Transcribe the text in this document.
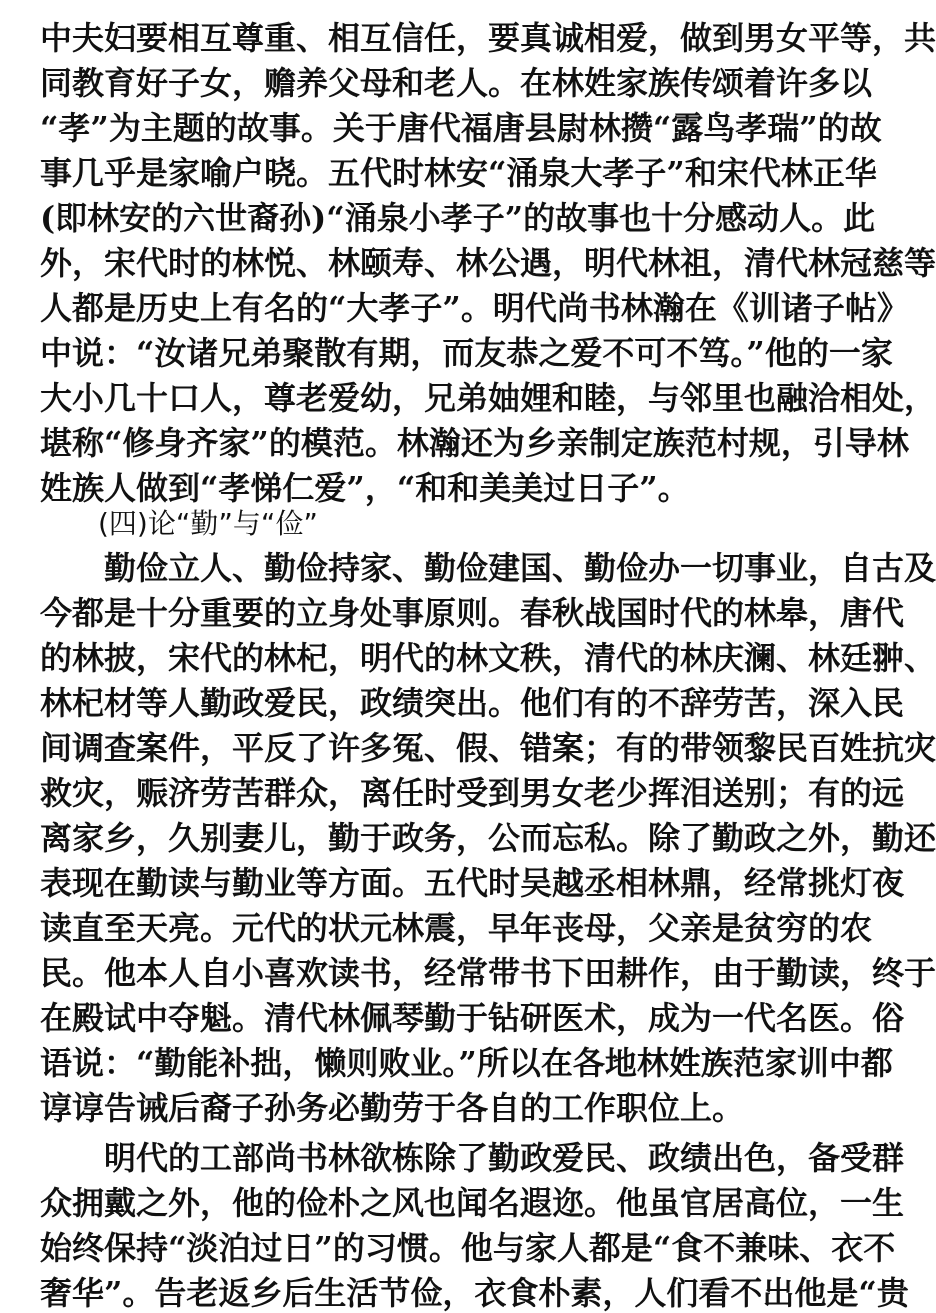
中夫妇要相互尊重、相互信任，要真诚相爱，做到男女平等，共
同教育好子女，赡养父母和老人。在林姓家族传颂着许多以
“孝”为主题的故事。关于唐代福唐县尉林攒“露鸟孝瑞”的故
事几乎是家喻户晓。五代时林安“涌泉大孝子”和宋代林正华
(即林安的六世裔孙)“涌泉小孝子”的故事也十分感动人。此
外，宋代时的林悦、林颐寿、林公遇，明代林祖，清代林冠慈等
人都是历史上有名的“大孝子”。明代尚书林瀚在《训诸子帖》
中说：“汝诸兄弟聚散有期，而友恭之爱不可不笃。”他的一家
大小几十口人，尊老爱幼，兄弟妯娌和睦，与邻里也融洽相处，
堪称“修身齐家”的模范。林瀚还为乡亲制定族范村规，引导林
姓族人做到“孝悌仁爱”，“和和美美过日子”。
(四)论“勤”与“俭”
勤俭立人、勤俭持家、勤俭建国、勤俭办一切事业，自古及
今都是十分重要的立身处事原则。春秋战国时代的林皋，唐代
的林披，宋代的林杞，明代的林文秩，清代的林庆澜、林廷翀、
林杞材等人勤政爱民，政绩突出。他们有的不辞劳苦，深入民
间调查案件，平反了许多冤、假、错案；有的带领黎民百姓抗灾
救灾，赈济劳苦群众，离任时受到男女老少挥泪送别；有的远
离家乡，久别妻儿，勤于政务，公而忘私。除了勤政之外，勤还
表现在勤读与勤业等方面。五代时吴越丞相林鼎，经常挑灯夜
读直至天亮。元代的状元林震，早年丧母，父亲是贫穷的农
民。他本人自小喜欢读书，经常带书下田耕作，由于勤读，终于
在殿试中夺魁。清代林佩琴勤于钻研医术，成为一代名医。俗
语说：“勤能补拙，懒则败业。”所以在各地林姓族范家训中都
谆谆告诫后裔子孙务必勤劳于各自的工作职位上。
明代的工部尚书林欲栋除了勤政爱民、政绩出色，备受群
众拥戴之外，他的俭朴之风也闻名遐迩。他虽官居高位，一生
始终保持“淡泊过日”的习惯。他与家人都是“食不兼味、衣不
奢华”。告老返乡后生活节俭，衣食朴素，人们看不出他是“贵
